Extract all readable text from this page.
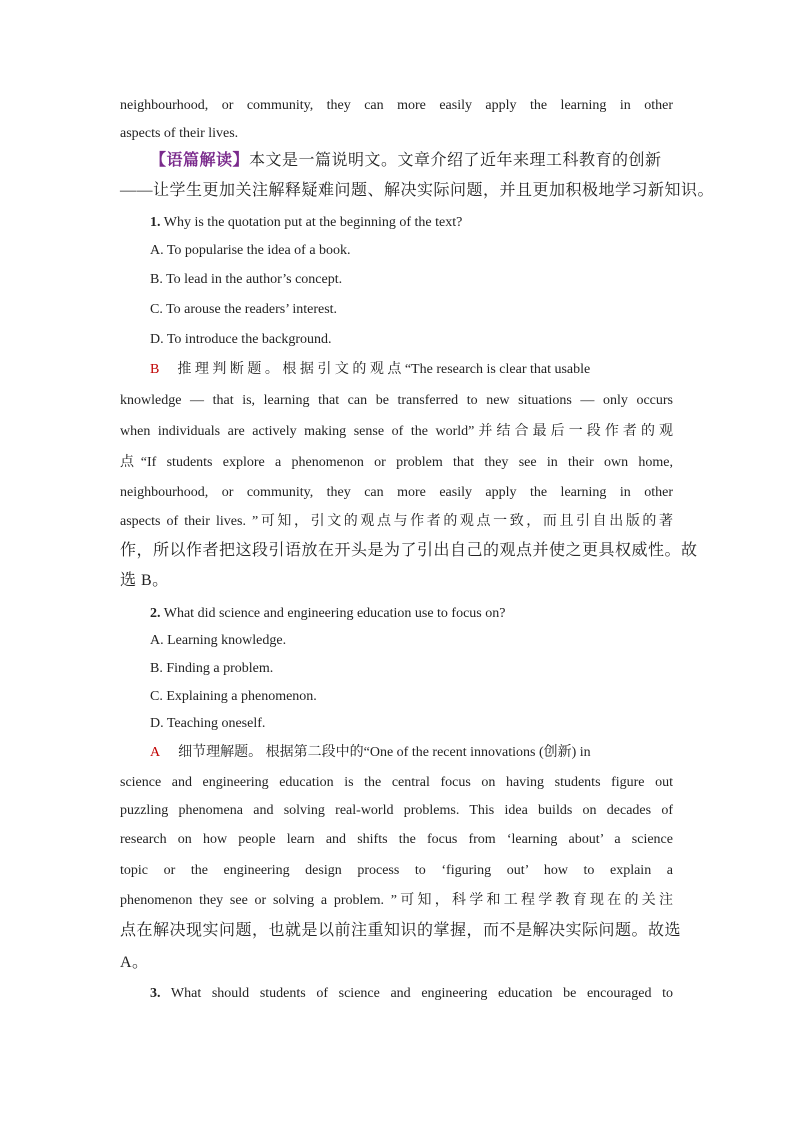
neighbourhood, or community, they can more easily apply the learning in other
aspects of their lives.
【语篇解读】本文是一篇说明文。文章介绍了近年来理工科教育的创新
——让学生更加关注解释疑难问题、解决实际问题，并且更加积极地学习新知识。
1. Why is the quotation put at the beginning of the text?
A. To popularise the idea of a book.
B. To lead in the author’s concept.
C. To arouse the readers’ interest.
D. To introduce the background.
B 推 理 判 断 题 。 根 据 引 文 的 观 点 “The research is clear that usable
knowledge — that is, learning that can be transferred to new situations — only occurs
when individuals are actively making sense of the world”并结合最后一段作者的观
点“If students explore a phenomenon or problem that they see in their own home,
neighbourhood, or community, they can more easily apply the learning in other
aspects of their lives. ”可知，引文的观点与作者的观点一致，而且引自出版的著
作，所以作者把这段引语放在开头是为了引出自己的观点并使之更具权威性。故
选 B。
2. What did science and engineering education use to focus on?
A. Learning knowledge.
B. Finding a problem.
C. Explaining a phenomenon.
D. Teaching oneself.
A 细节理解题。 根据第二段中的“One of the recent innovations (创新) in
science and engineering education is the central focus on having students figure out
puzzling phenomena and solving real-world problems. This idea builds on decades of
research on how people learn and shifts the focus from ‘learning about’ a science
topic or the engineering design process to ‘figuring out’ how to explain a
phenomenon they see or solving a problem. ”可知，科学和工程学教育现在的关注
点在解决现实问题，也就是以前注重知识的掌握，而不是解决实际问题。故选
A。
3. What should students of science and engineering education be encouraged to
